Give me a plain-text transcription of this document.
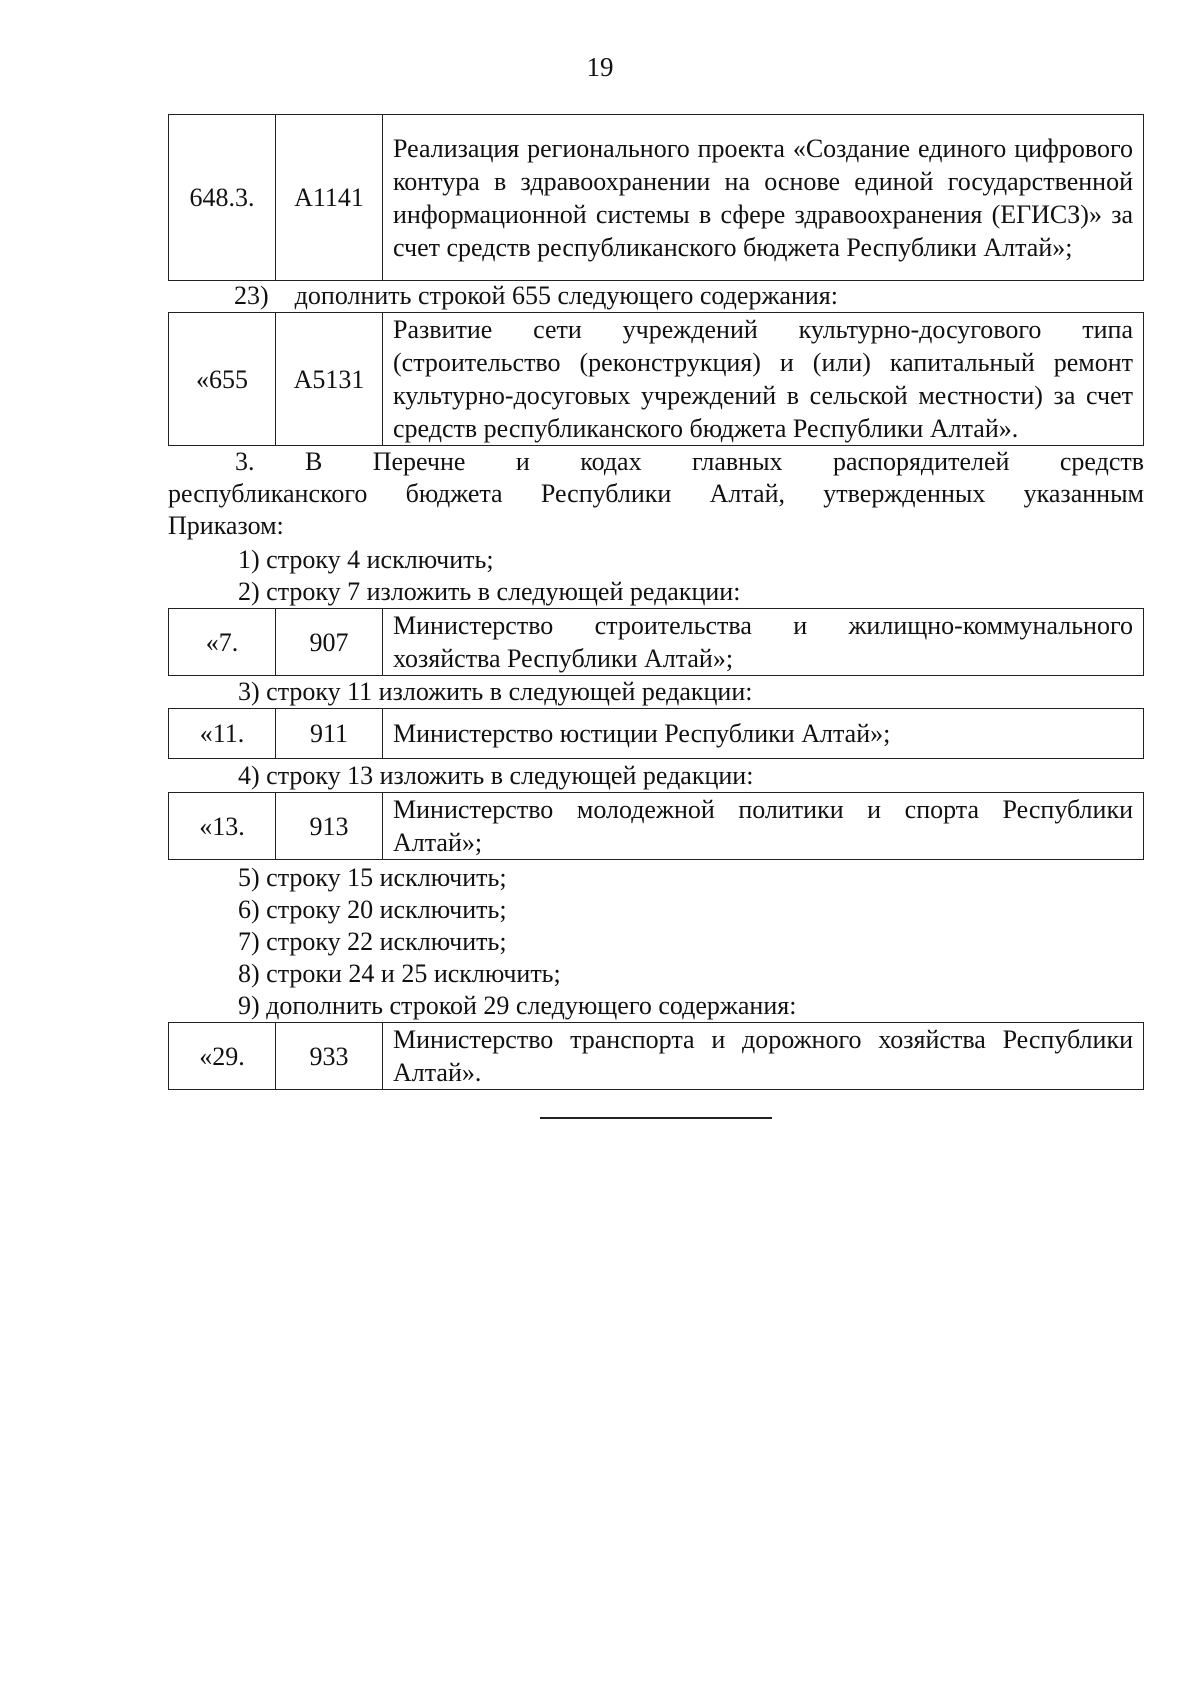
19
648.3.	A1141	Реализация регионального проекта «Создание единого цифрового контура в здравоохранении на основе единой государственной информационной системы в сфере здравоохранения (ЕГИСЗ)» за счет средств республиканского бюджета Республики Алтай»;
23) дополнить строкой 655 следующего содержания:
«655	A5131	Развитие сети учреждений культурно-досугового типа (строительство (реконструкция) и (или) капитальный ремонт культурно-досуговых учреждений в сельской местности) за счет средств республиканского бюджета Республики Алтай».
3. В Перечне и кодах главных распорядителей средств
республиканского бюджета Республики Алтай, утвержденных указанным
Приказом:
1) строку 4 исключить;
2) строку 7 изложить в следующей редакции:
«7.	907	Министерство строительства и жилищно-коммунального хозяйства Республики Алтай»;
3) строку 11 изложить в следующей редакции:
«11.	911	Министерство юстиции Республики Алтай»;
4) строку 13 изложить в следующей редакции:
«13.	913	Министерство молодежной политики и спорта Республики Алтай»;
5) строку 15 исключить;
6) строку 20 исключить;
7) строку 22 исключить;
8) строки 24 и 25 исключить;
9) дополнить строкой 29 следующего содержания:
«29.	933	Министерство транспорта и дорожного хозяйства Республики Алтай».
